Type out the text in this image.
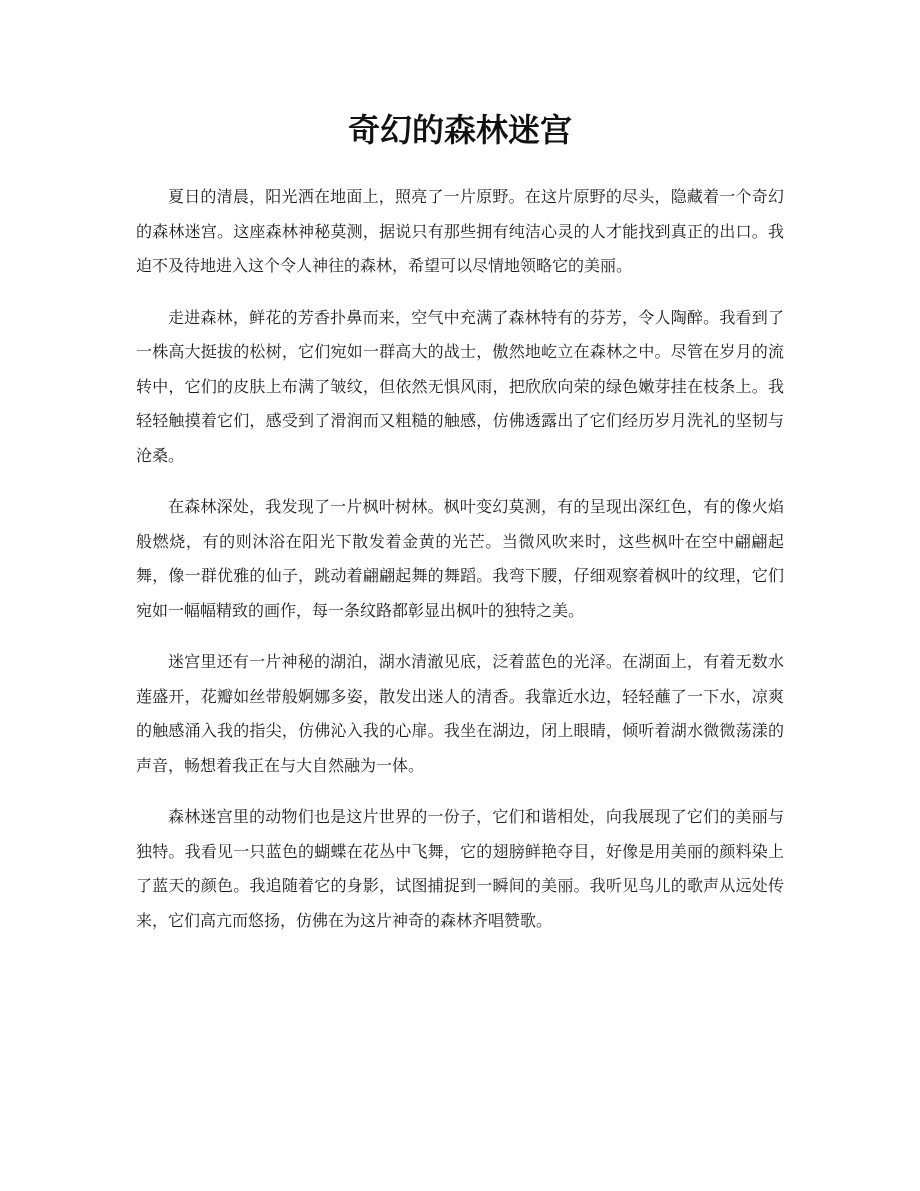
奇幻的森林迷宫

夏日的清晨，阳光洒在地面上，照亮了一片原野。在这片原野的尽头，隐藏着一个奇幻的森林迷宫。这座森林神秘莫测，据说只有那些拥有纯洁心灵的人才能找到真正的出口。我迫不及待地进入这个令人神往的森林，希望可以尽情地领略它的美丽。

走进森林，鲜花的芳香扑鼻而来，空气中充满了森林特有的芬芳，令人陶醉。我看到了一株高大挺拔的松树，它们宛如一群高大的战士，傲然地屹立在森林之中。尽管在岁月的流转中，它们的皮肤上布满了皱纹，但依然无惧风雨，把欣欣向荣的绿色嫩芽挂在枝条上。我轻轻触摸着它们，感受到了滑润而又粗糙的触感，仿佛透露出了它们经历岁月洗礼的坚韧与沧桑。

在森林深处，我发现了一片枫叶树林。枫叶变幻莫测，有的呈现出深红色，有的像火焰般燃烧，有的则沐浴在阳光下散发着金黄的光芒。当微风吹来时，这些枫叶在空中翩翩起舞，像一群优雅的仙子，跳动着翩翩起舞的舞蹈。我弯下腰，仔细观察着枫叶的纹理，它们宛如一幅幅精致的画作，每一条纹路都彰显出枫叶的独特之美。

迷宫里还有一片神秘的湖泊，湖水清澈见底，泛着蓝色的光泽。在湖面上，有着无数水莲盛开，花瓣如丝带般婀娜多姿，散发出迷人的清香。我靠近水边，轻轻蘸了一下水，凉爽的触感涌入我的指尖，仿佛沁入我的心扉。我坐在湖边，闭上眼睛，倾听着湖水微微荡漾的声音，畅想着我正在与大自然融为一体。

森林迷宫里的动物们也是这片世界的一份子，它们和谐相处，向我展现了它们的美丽与独特。我看见一只蓝色的蝴蝶在花丛中飞舞，它的翅膀鲜艳夺目，好像是用美丽的颜料染上了蓝天的颜色。我追随着它的身影，试图捕捉到一瞬间的美丽。我听见鸟儿的歌声从远处传来，它们高亢而悠扬，仿佛在为这片神奇的森林齐唱赞歌。
